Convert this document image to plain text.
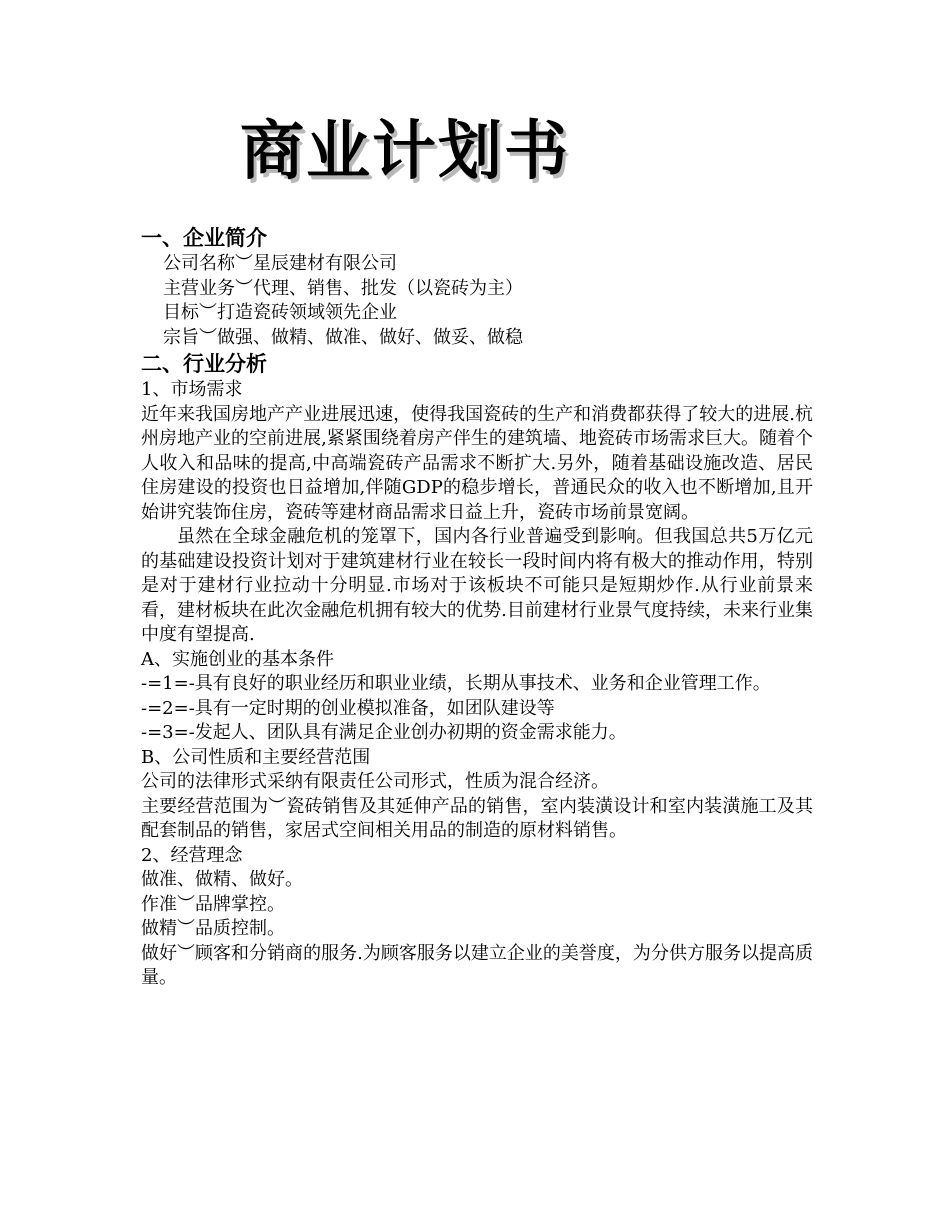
商业计划书
一、企业简介
公司名称︶星辰建材有限公司
主营业务︶代理、销售、批发（以瓷砖为主）
目标︶打造瓷砖领域领先企业
宗旨︶做强、做精、做准、做好、做妥、做稳
二、行业分析
1、市场需求

近年来我国房地产产业进展迅速，使得我国瓷砖的生产和消费都获得了较大的进展.杭州房地产业的空前进展,紧紧围绕着房产伴生的建筑墙、地瓷砖市场需求巨大。随着个人收入和品味的提高,中高端瓷砖产品需求不断扩大.另外，随着基础设施改造、居民住房建设的投资也日益增加,伴随GDP的稳步增长，普通民众的收入也不断增加,且开始讲究装饰住房，瓷砖等建材商品需求日益上升，瓷砖市场前景宽阔。

虽然在全球金融危机的笼罩下，国内各行业普遍受到影响。但我国总共5万亿元的基础建设投资计划对于建筑建材行业在较长一段时间内将有极大的推动作用，特别是对于建材行业拉动十分明显.市场对于该板块不可能只是短期炒作.从行业前景来看，建材板块在此次金融危机拥有较大的优势.目前建材行业景气度持续，未来行业集中度有望提高.

A、实施创业的基本条件

-=1=-具有良好的职业经历和职业业绩，长期从事技术、业务和企业管理工作。

-=2=-具有一定时期的创业模拟准备，如团队建设等
-=3=-发起人、团队具有满足企业创办初期的资金需求能力。
B、公司性质和主要经营范围
公司的法律形式采纳有限责任公司形式，性质为混合经济。

主要经营范围为︶瓷砖销售及其延伸产品的销售，室内装潢设计和室内装潢施工及其配套制品的销售，家居式空间相关用品的制造的原材料销售。

2、经营理念
做准、做精、做好。
作准︶品牌掌控。
做精︶品质控制。

做好︶顾客和分销商的服务.为顾客服务以建立企业的美誉度，为分供方服务以提高质量。
